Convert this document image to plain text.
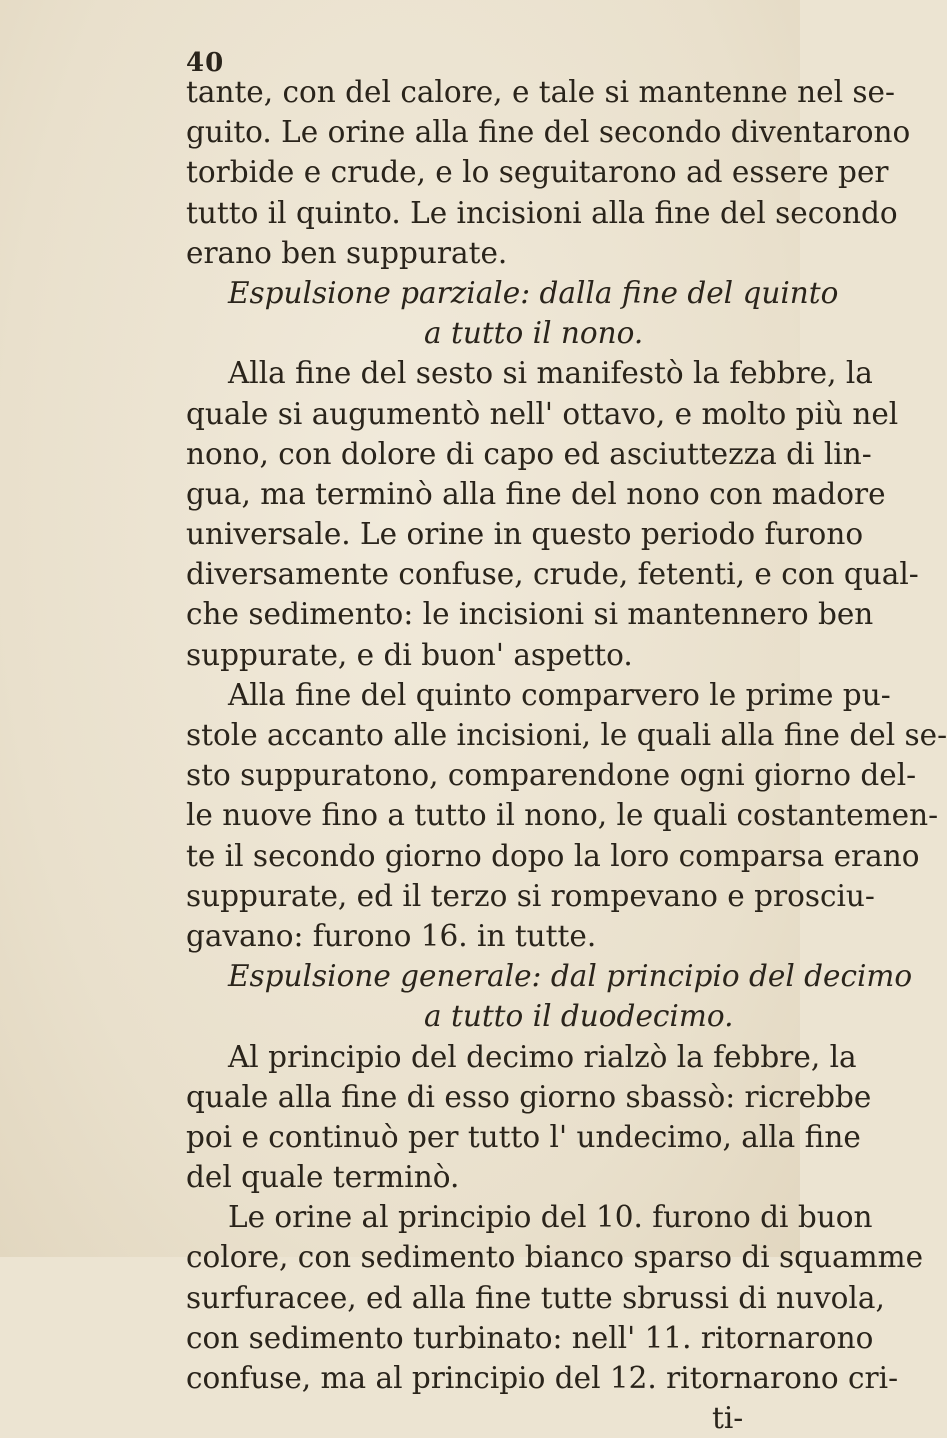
40
tante, con del calore, e tale si mantenne nel se-
guito. Le orine alla fine del secondo diventarono
torbide e crude, e lo seguitarono ad essere per
tutto il quinto. Le incisioni alla fine del secondo
erano ben suppurate.
Espulsione parziale: dalla fine del quinto
a tutto il nono.
Alla fine del sesto si manifestò la febbre, la
quale si augumentò nell' ottavo, e molto più nel
nono, con dolore di capo ed asciuttezza di lin-
gua, ma terminò alla fine del nono con madore
universale. Le orine in questo periodo furono
diversamente confuse, crude, fetenti, e con qual-
che sedimento: le incisioni si mantennero ben
suppurate, e di buon' aspetto.
Alla fine del quinto comparvero le prime pu-
stole accanto alle incisioni, le quali alla fine del se-
sto suppuratono, comparendone ogni giorno del-
le nuove fino a tutto il nono, le quali costantemen-
te il secondo giorno dopo la loro comparsa erano
suppurate, ed il terzo si rompevano e prosciu-
gavano: furono 16. in tutte.
Espulsione generale: dal principio del decimo
a tutto il duodecimo.
Al principio del decimo rialzò la febbre, la
quale alla fine di esso giorno sbassò: ricrebbe
poi e continuò per tutto l' undecimo, alla fine
del quale terminò.
Le orine al principio del 10. furono di buon
colore, con sedimento bianco sparso di squamme
surfuracee, ed alla fine tutte sbrussi di nuvola,
con sedimento turbinato: nell' 11. ritornarono
confuse, ma al principio del 12. ritornarono cri-
ti-
